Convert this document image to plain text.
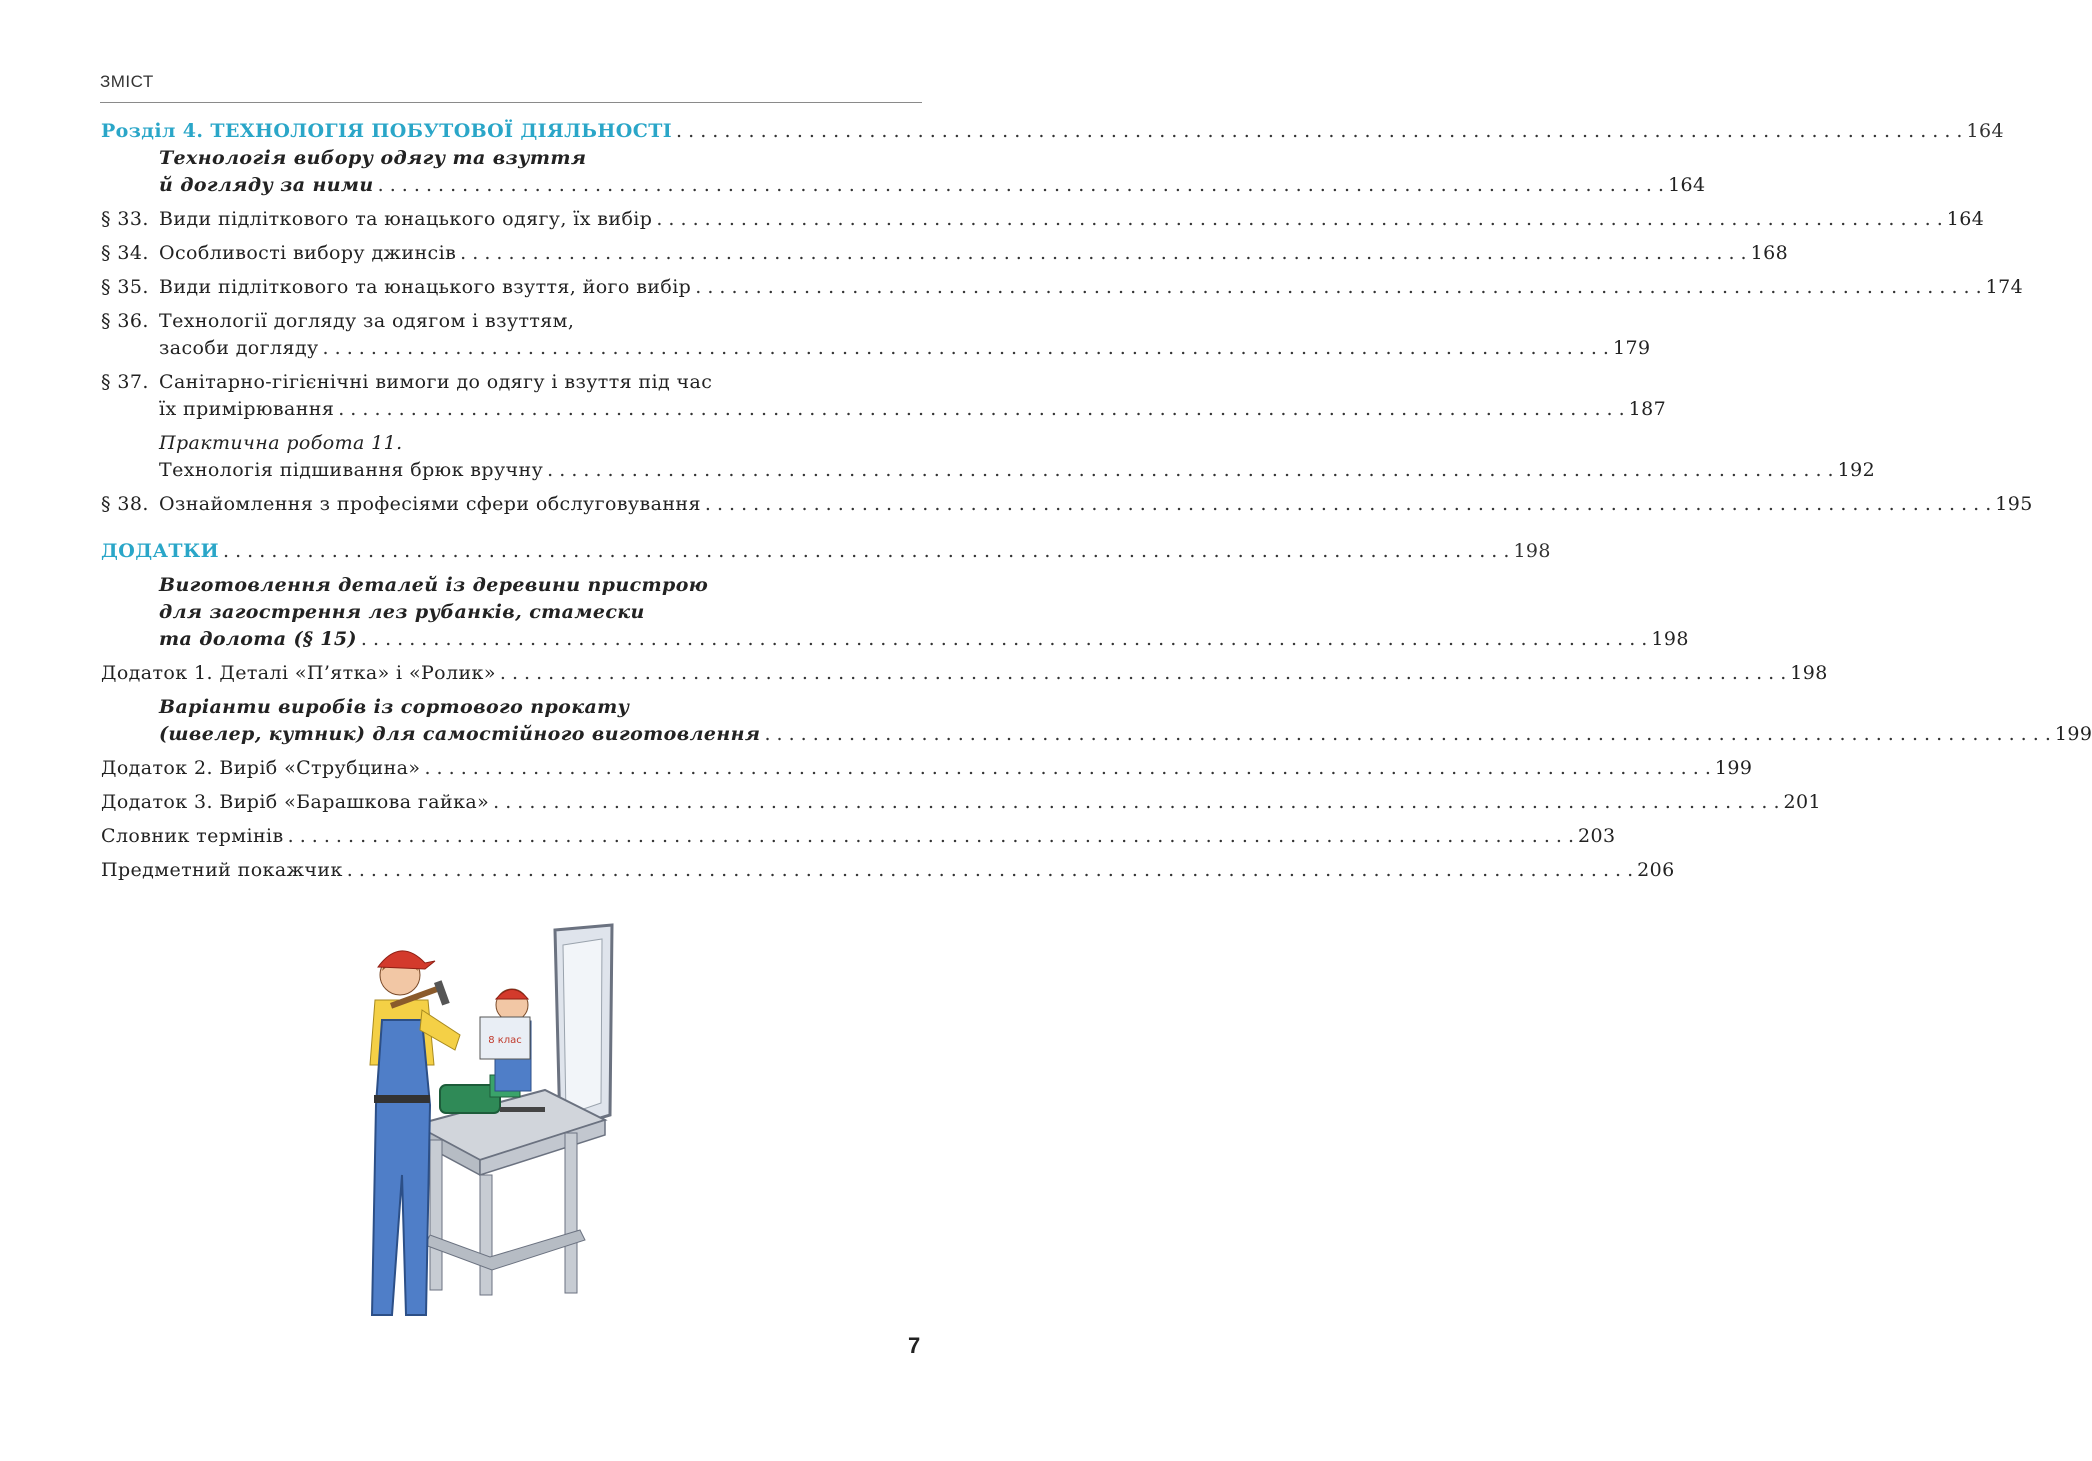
ЗМІСТ
Розділ 4. ТЕХНОЛОГІЯ ПОБУТОВОЇ ДІЯЛЬНОСТІ . . .	164
Технологія вибору одягу та взуття
й догляду за ними . . .	164
§ 33. Види підліткового та юнацького одягу, їх вибір . . .	164
§ 34. Особливості вибору джинсів . . .	168
§ 35. Види підліткового та юнацького взуття, його вибір . . .	174
§ 36. Технології догляду за одягом і взуттям,
засоби догляду . . .	179
§ 37. Санітарно-гігієнічні вимоги до одягу і взуття під час
їх примірювання . . .	187
Практична робота 11.
Технологія підшивання брюк вручну . . .	192
§ 38. Ознайомлення з професіями сфери обслуговування . . .	195
ДОДАТКИ . . .	198
Виготовлення деталей із деревини пристрою
для загострення лез рубанків, стамески
та долота (§ 15) . . .	198
Додаток 1. Деталі «П’ятка» і «Ролик» . . .	198
Варіанти виробів із сортового прокату
(швелер, кутник) для самостійного виготовлення . . .	199
Додаток 2. Виріб «Струбцина» . . .	199
Додаток 3. Виріб «Барашкова гайка» . . .	201
Словник термінів . . .	203
Предметний покажчик . . .	206
8 клас
7
